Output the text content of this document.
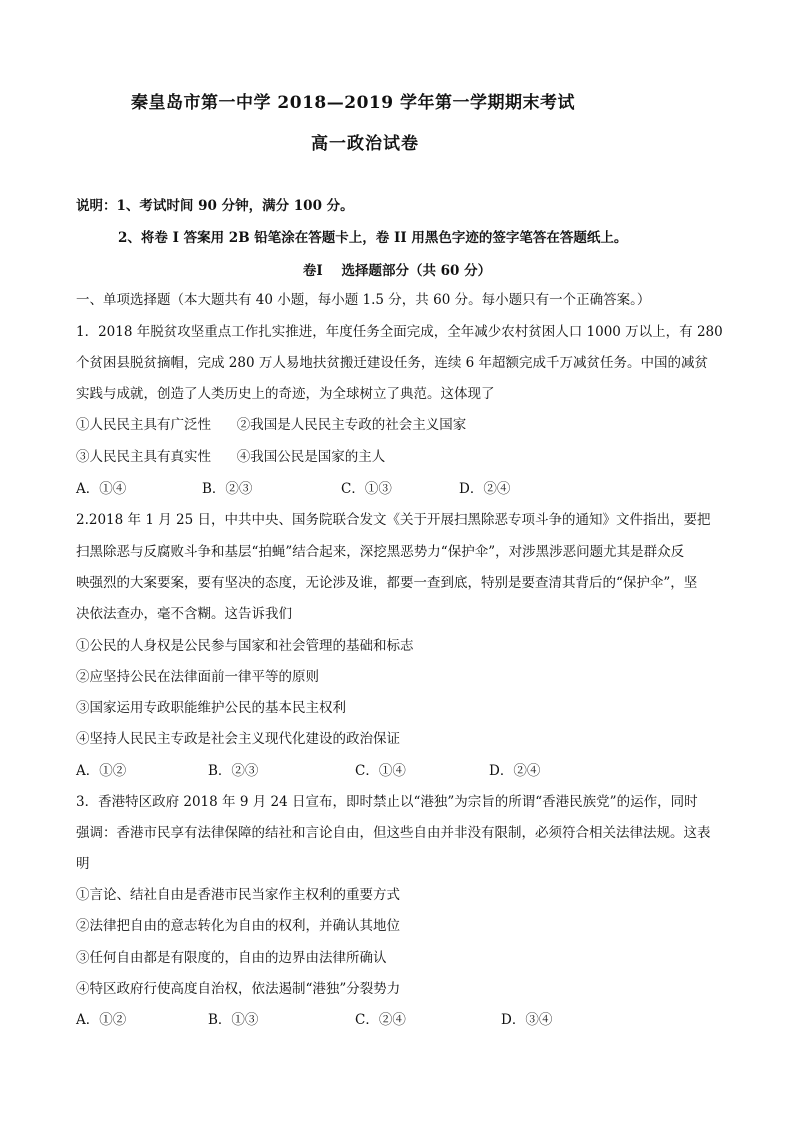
秦皇岛市第一中学 2018—2019 学年第一学期期末考试
高一政治试卷
说明：1、考试时间 90 分钟，满分 100 分。
2、将卷 I 答案用 2B 铅笔涂在答题卡上，卷 II 用黑色字迹的签字笔答在答题纸上。
卷Ⅰ    选择题部分（共 60 分）
一、单项选择题（本大题共有 40 小题，每小题 1.5 分，共 60 分。每小题只有一个正确答案。）
1．2018 年脱贫攻坚重点工作扎实推进，年度任务全面完成，全年减少农村贫困人口 1000 万以上，有 280
个贫困县脱贫摘帽，完成 280 万人易地扶贫搬迁建设任务，连续 6 年超额完成千万减贫任务。中国的减贫
实践与成就，创造了人类历史上的奇迹，为全球树立了典范。这体现了
①人民民主具有广泛性      ②我国是人民民主专政的社会主义国家
③人民民主具有真实性      ④我国公民是国家的主人
A．①④	B．②③	C．①③	D．②④
2.2018 年 1 月 25 日，中共中央、国务院联合发文《关于开展扫黑除恶专项斗争的通知》文件指出，要把
扫黑除恶与反腐败斗争和基层“拍蝇”结合起来，深挖黑恶势力“保护伞”，对涉黑涉恶问题尤其是群众反
映强烈的大案要案，要有坚决的态度，无论涉及谁，都要一查到底，特别是要查清其背后的“保护伞”，坚
决依法查办，毫不含糊。这告诉我们
①公民的人身权是公民参与国家和社会管理的基础和标志
②应坚持公民在法律面前一律平等的原则
③国家运用专政职能维护公民的基本民主权利
④坚持人民民主专政是社会主义现代化建设的政治保证
A．①②	B．②③	C．①④	D．②④
3．香港特区政府 2018 年 9 月 24 日宣布，即时禁止以“港独”为宗旨的所谓“香港民族党”的运作，同时
强调：香港市民享有法律保障的结社和言论自由，但这些自由并非没有限制，必须符合相关法律法规。这表
明
①言论、结社自由是香港市民当家作主权利的重要方式
②法律把自由的意志转化为自由的权利，并确认其地位
③任何自由都是有限度的，自由的边界由法律所确认
④特区政府行使高度自治权，依法遏制“港独”分裂势力
A．①②	B．①③	C．②④	D．③④
